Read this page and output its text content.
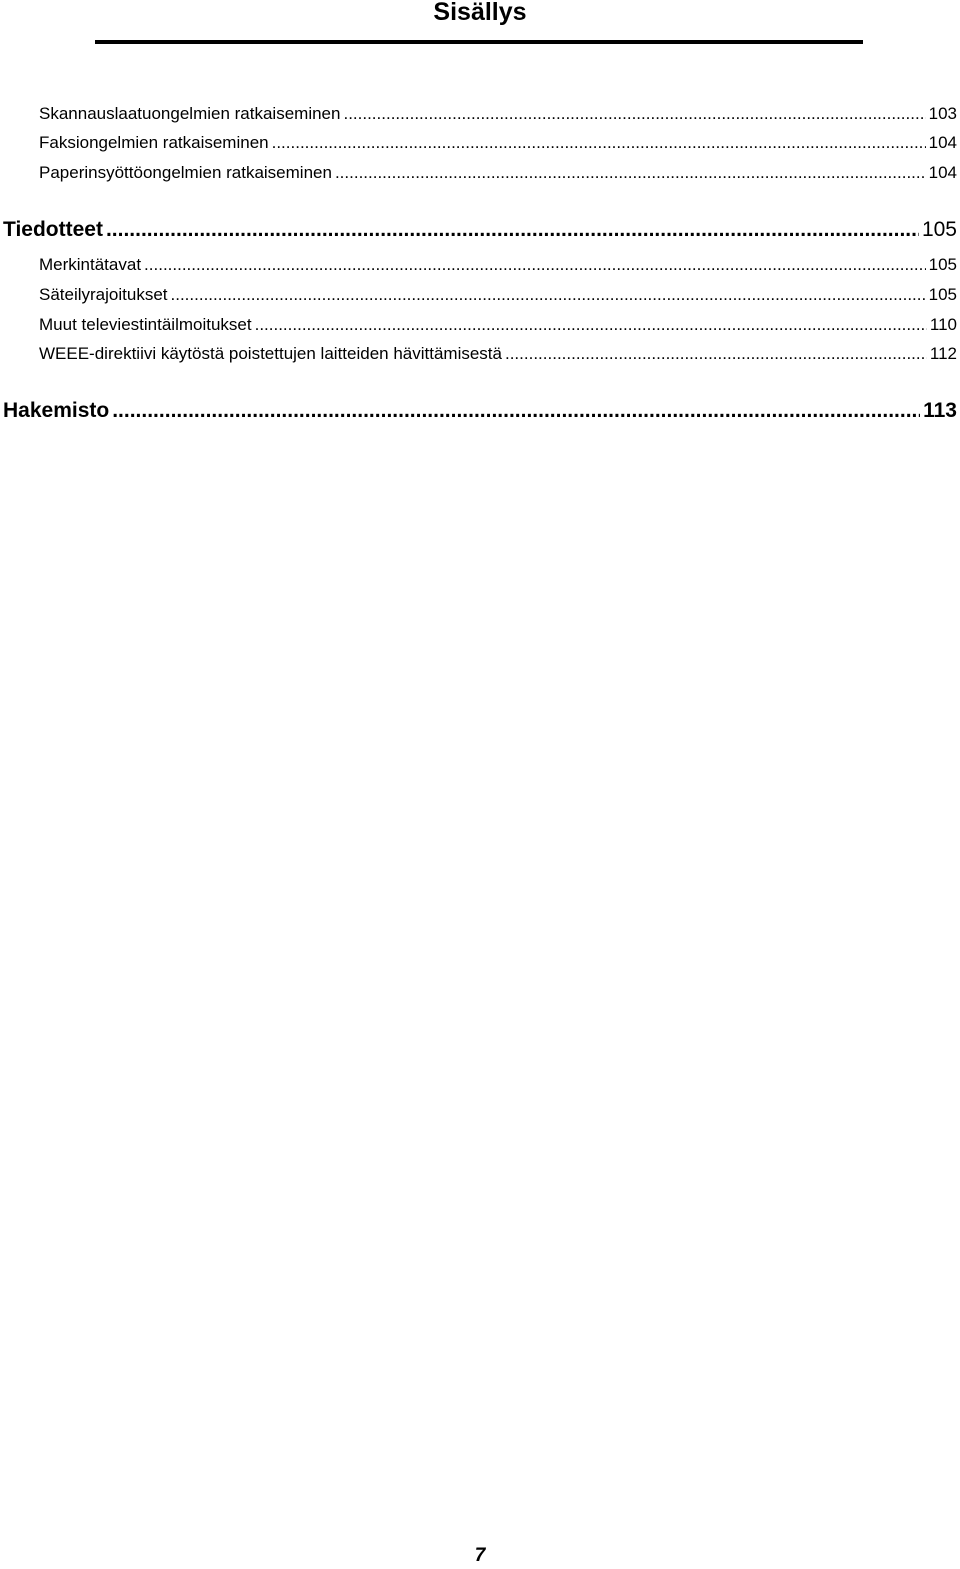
Sisällys
Skannauslaatuongelmien ratkaiseminen .....	103
Faksiongelmien ratkaiseminen .....	104
Paperinsyöttöongelmien ratkaiseminen .....	104
Tiedotteet .....	105
Merkintätavat .....	105
Säteilyrajoitukset .....	105
Muut televiestintäilmoitukset .....	110
WEEE-direktiivi käytöstä poistettujen laitteiden hävittämisestä .....	112
Hakemisto .....	113
7
